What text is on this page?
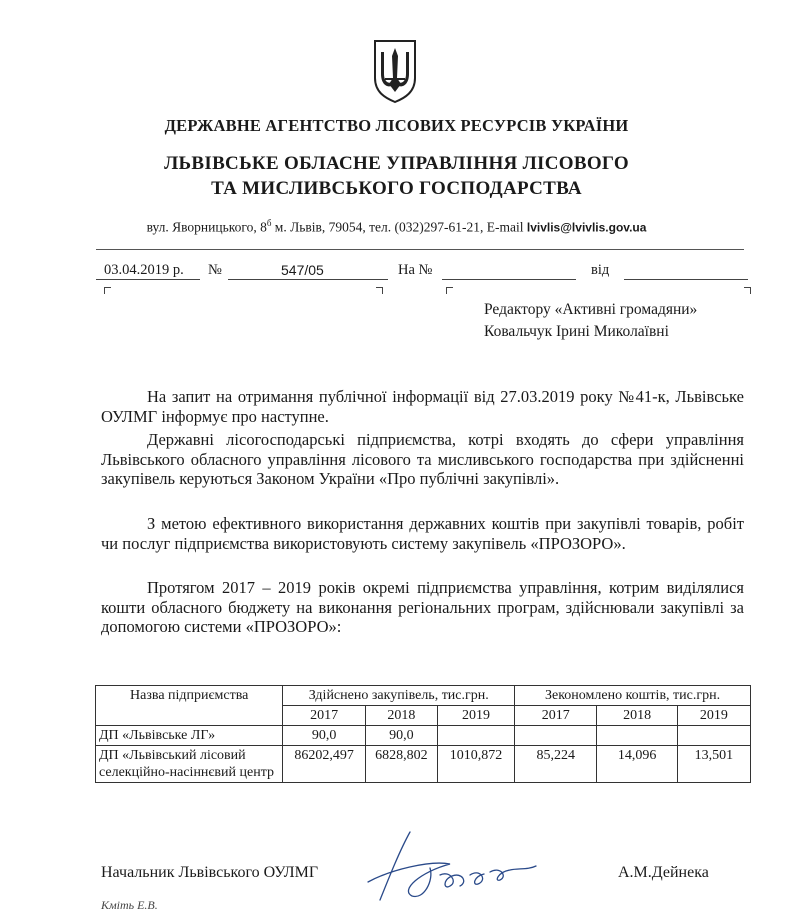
ДЕРЖАВНЕ АГЕНТСТВО ЛІСОВИХ РЕСУРСІВ УКРАЇНИ
ЛЬВІВСЬКЕ ОБЛАСНЕ УПРАВЛІННЯ ЛІСОВОГО
ТА МИСЛИВСЬКОГО ГОСПОДАРСТВА
вул. Яворницького, $8^б$ м. Львів, 79054, тел. (032)297-61-21, E-mail lvivlis@lvivlis.gov.ua
03.04.2019 р. №	547/05	На №	від
Редактору «Активні громадяни»
Ковальчук Ірині Миколаївні
На запит на отримання публічної інформації від 27.03.2019 року №41-к, Львівське ОУЛМГ інформує про наступне.
Державні лісогосподарські підприємства, котрі входять до сфери управління Львівського обласного управління лісового та мисливського господарства при здійсненні закупівель керуються Законом України «Про публічні закупівлі».
З метою ефективного використання державних коштів при закупівлі товарів, робіт чи послуг підприємства використовують систему закупівель «ПРОЗОРО».
Протягом 2017 – 2019 років окремі підприємства управління, котрим виділялися кошти обласного бюджету на виконання регіональних програм, здійснювали закупівлі за допомогою системи «ПРОЗОРО»:
Назва підприємства	Здійснено закупівель, тис.грн.			Зекономлено коштів, тис.грн.		
	2017	2018	2019	2017	2018	2019
ДП «Львівське ЛГ»	90,0	90,0				
ДП «Львівський лісовий селекційно-насіннєвий центр	86202,497	6828,802	1010,872	85,224	14,096	13,501
Начальник Львівського ОУЛМГ	А.М.Дейнека
Кміть Е.В.
